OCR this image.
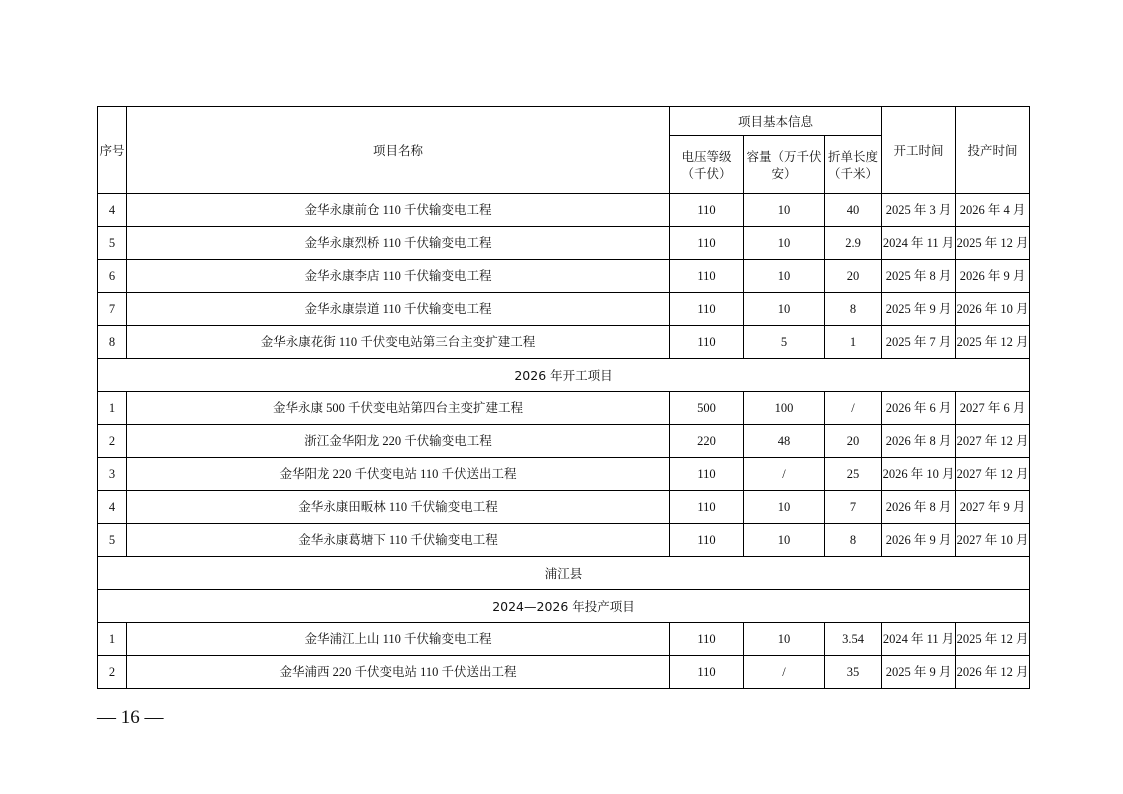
序号	项目名称	项目基本信息			开工时间	投产时间
		电压等级（千伏）	容量（万千伏安）	折单长度（千米）		
4	金华永康前仓 110 千伏输变电工程	110	10	40	2025 年 3 月	2026 年 4 月
5	金华永康烈桥 110 千伏输变电工程	110	10	2.9	2024 年 11 月	2025 年 12 月
6	金华永康李店 110 千伏输变电工程	110	10	20	2025 年 8 月	2026 年 9 月
7	金华永康崇道 110 千伏输变电工程	110	10	8	2025 年 9 月	2026 年 10 月
8	金华永康花街 110 千伏变电站第三台主变扩建工程	110	5	1	2025 年 7 月	2025 年 12 月
2026 年开工项目						
1	金华永康 500 千伏变电站第四台主变扩建工程	500	100	/	2026 年 6 月	2027 年 6 月
2	浙江金华阳龙 220 千伏输变电工程	220	48	20	2026 年 8 月	2027 年 12 月
3	金华阳龙 220 千伏变电站 110 千伏送出工程	110	/	25	2026 年 10 月	2027 年 12 月
4	金华永康田畈林 110 千伏输变电工程	110	10	7	2026 年 8 月	2027 年 9 月
5	金华永康葛塘下 110 千伏输变电工程	110	10	8	2026 年 9 月	2027 年 10 月
浦江县						
2024—2026 年投产项目						
1	金华浦江上山 110 千伏输变电工程	110	10	3.54	2024 年 11 月	2025 年 12 月
2	金华浦西 220 千伏变电站 110 千伏送出工程	110	/	35	2025 年 9 月	2026 年 12 月
— 16 —
